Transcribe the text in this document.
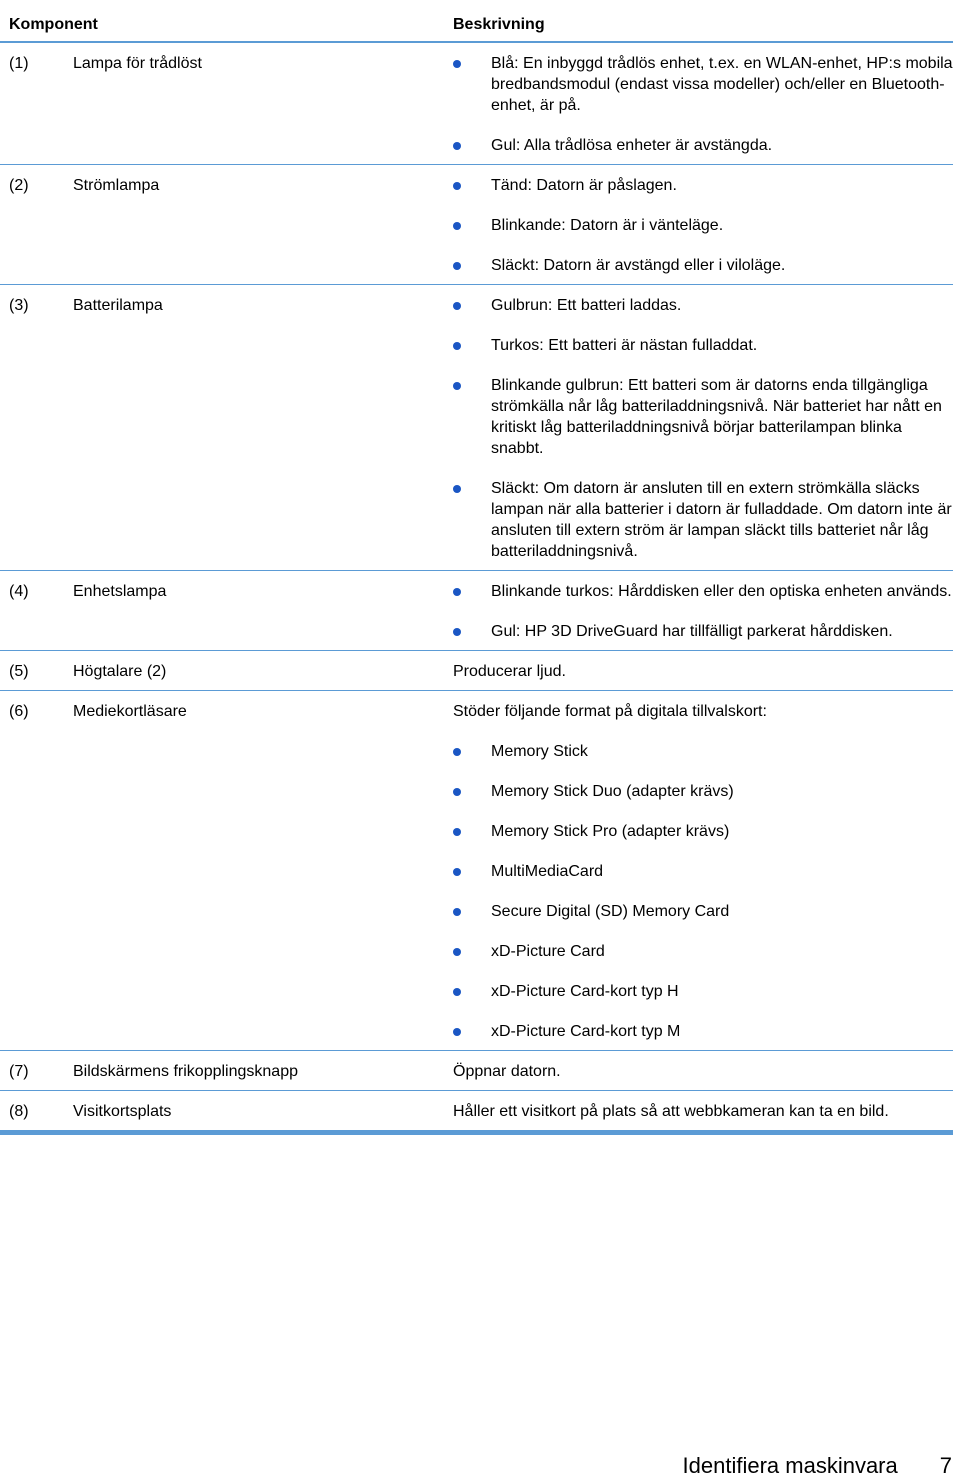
Komponent	Beskrivning
(1)	Lampa för trådlöst	Blå: En inbyggd trådlös enhet, t.ex. en WLAN-enhet, HP:s mobila bredbandsmodul (endast vissa modeller) och/eller en Bluetooth-enhet, är på.
Gul: Alla trådlösa enheter är avstängda.
(2)	Strömlampa	Tänd: Datorn är påslagen.
Blinkande: Datorn är i vänteläge.
Släckt: Datorn är avstängd eller i viloläge.
(3)	Batterilampa	Gulbrun: Ett batteri laddas.
Turkos: Ett batteri är nästan fulladdat.
Blinkande gulbrun: Ett batteri som är datorns enda tillgängliga strömkälla når låg batteriladdningsnivå. När batteriet har nått en kritiskt låg batteriladdningsnivå börjar batterilampan blinka snabbt.
Släckt: Om datorn är ansluten till en extern strömkälla släcks lampan när alla batterier i datorn är fulladdade. Om datorn inte är ansluten till extern ström är lampan släckt tills batteriet når låg batteriladdningsnivå.
(4)	Enhetslampa	Blinkande turkos: Hårddisken eller den optiska enheten används.
Gul: HP 3D DriveGuard har tillfälligt parkerat hårddisken.
(5)	Högtalare (2)	Producerar ljud.
(6)	Mediekortläsare	Stöder följande format på digitala tillvalskort:
Memory Stick
Memory Stick Duo (adapter krävs)
Memory Stick Pro (adapter krävs)
MultiMediaCard
Secure Digital (SD) Memory Card
xD-Picture Card
xD-Picture Card-kort typ H
xD-Picture Card-kort typ M
(7)	Bildskärmens frikopplingsknapp	Öppnar datorn.
(8)	Visitkortsplats	Håller ett visitkort på plats så att webbkameran kan ta en bild.
Identifiera maskinvara 7
